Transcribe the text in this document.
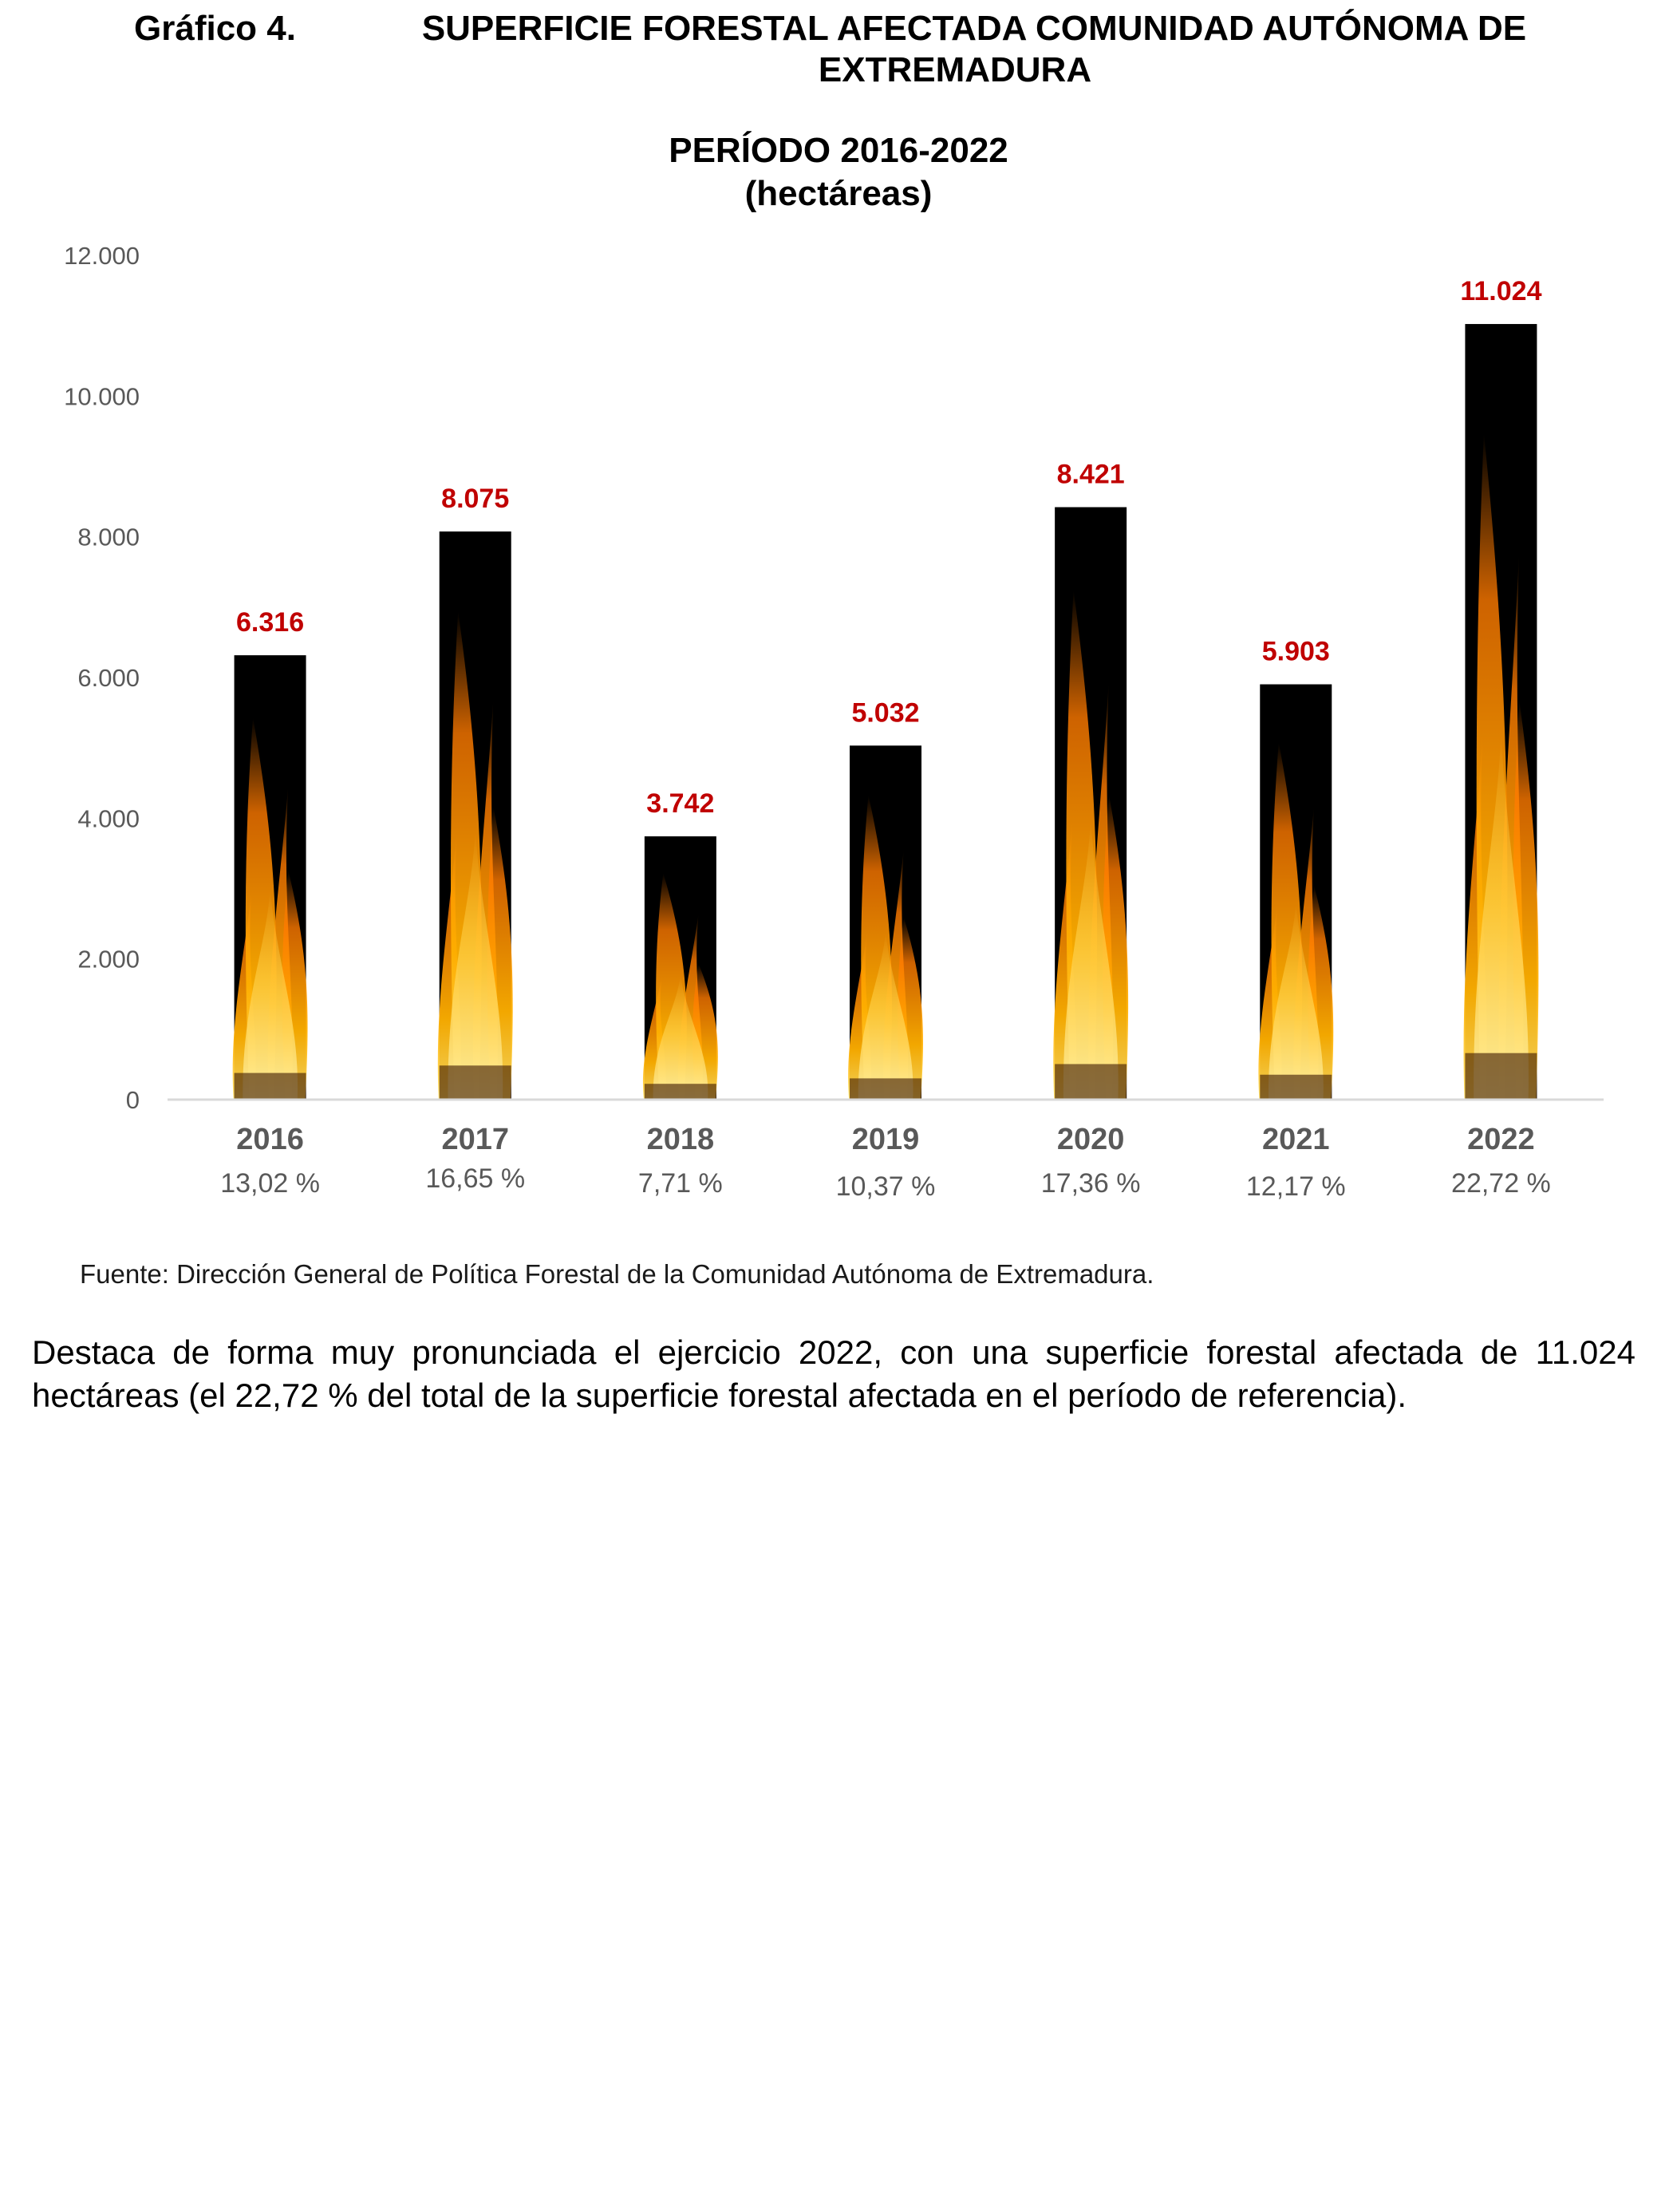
Gráfico 4.	SUPERFICIE FORESTAL AFECTADA COMUNIDAD AUTÓNOMA DE
EXTREMADURA
PERÍODO 2016-2022
(hectáreas)
0
2.000
4.000
6.000
8.000
10.000
12.000
6.316
8.075
3.742
5.032
8.421
5.903
11.024
2016
13,02 %
2017
16,65 %
2018
7,71 %
2019
10,37 %
2020
17,36 %
2021
12,17 %
2022
22,72 %
Fuente: Dirección General de Política Forestal de la Comunidad Autónoma de Extremadura.
Destaca de forma muy pronunciada el ejercicio 2022, con una superficie forestal afectada de 11.024 hectáreas (el 22,72 % del total de la superficie forestal afectada en el período de referencia).
